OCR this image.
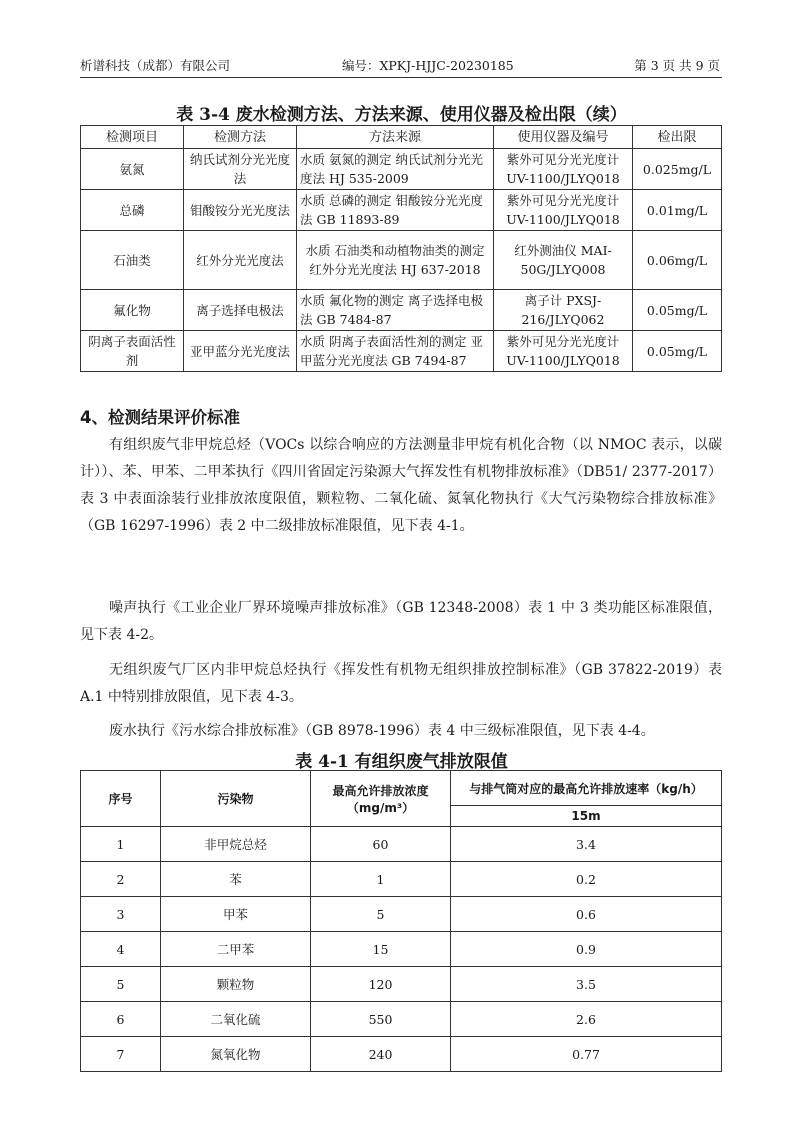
析谱科技（成都）有限公司	编号：XPKJ-HJJC-20230185	第 3 页 共 9 页
表 3-4 废水检测方法、方法来源、使用仪器及检出限（续）
检测项目	检测方法	方法来源	使用仪器及编号	检出限
氨氮	纳氏试剂分光光度法	水质 氨氮的测定 纳氏试剂分光光度法 HJ 535-2009	紫外可见分光光度计 UV-1100/JLYQ018	0.025mg/L
总磷	钼酸铵分光光度法	水质 总磷的测定 钼酸铵分光光度法 GB 11893-89	紫外可见分光光度计 UV-1100/JLYQ018	0.01mg/L
石油类	红外分光光度法	水质 石油类和动植物油类的测定 红外分光光度法 HJ 637-2018	红外测油仪 MAI-50G/JLYQ008	0.06mg/L
氟化物	离子选择电极法	水质 氟化物的测定 离子选择电极法 GB 7484-87	离子计 PXSJ-216/JLYQ062	0.05mg/L
阴离子表面活性剂	亚甲蓝分光光度法	水质 阴离子表面活性剂的测定 亚甲蓝分光光度法 GB 7494-87	紫外可见分光光度计 UV-1100/JLYQ018	0.05mg/L
4、检测结果评价标准
有组织废气非甲烷总烃（VOCs 以综合响应的方法测量非甲烷有机化合物（以 NMOC 表示，以碳计））、苯、甲苯、二甲苯执行《四川省固定污染源大气挥发性有机物排放标准》（DB51/ 2377-2017）表 3 中表面涂装行业排放浓度限值，颗粒物、二氧化硫、氮氧化物执行《大气污染物综合排放标准》（GB 16297-1996）表 2 中二级排放标准限值，见下表 4-1。
噪声执行《工业企业厂界环境噪声排放标准》（GB 12348-2008）表 1 中 3 类功能区标准限值，见下表 4-2。
无组织废气厂区内非甲烷总烃执行《挥发性有机物无组织排放控制标准》（GB 37822-2019）表 A.1 中特别排放限值，见下表 4-3。
废水执行《污水综合排放标准》（GB 8978-1996）表 4 中三级标准限值，见下表 4-4。
表 4-1 有组织废气排放限值
序号	污染物	最高允许排放浓度（mg/m³）	与排气筒对应的最高允许排放速率（kg/h）
			15m
1	非甲烷总烃	60	3.4
2	苯	1	0.2
3	甲苯	5	0.6
4	二甲苯	15	0.9
5	颗粒物	120	3.5
6	二氧化硫	550	2.6
7	氮氧化物	240	0.77
